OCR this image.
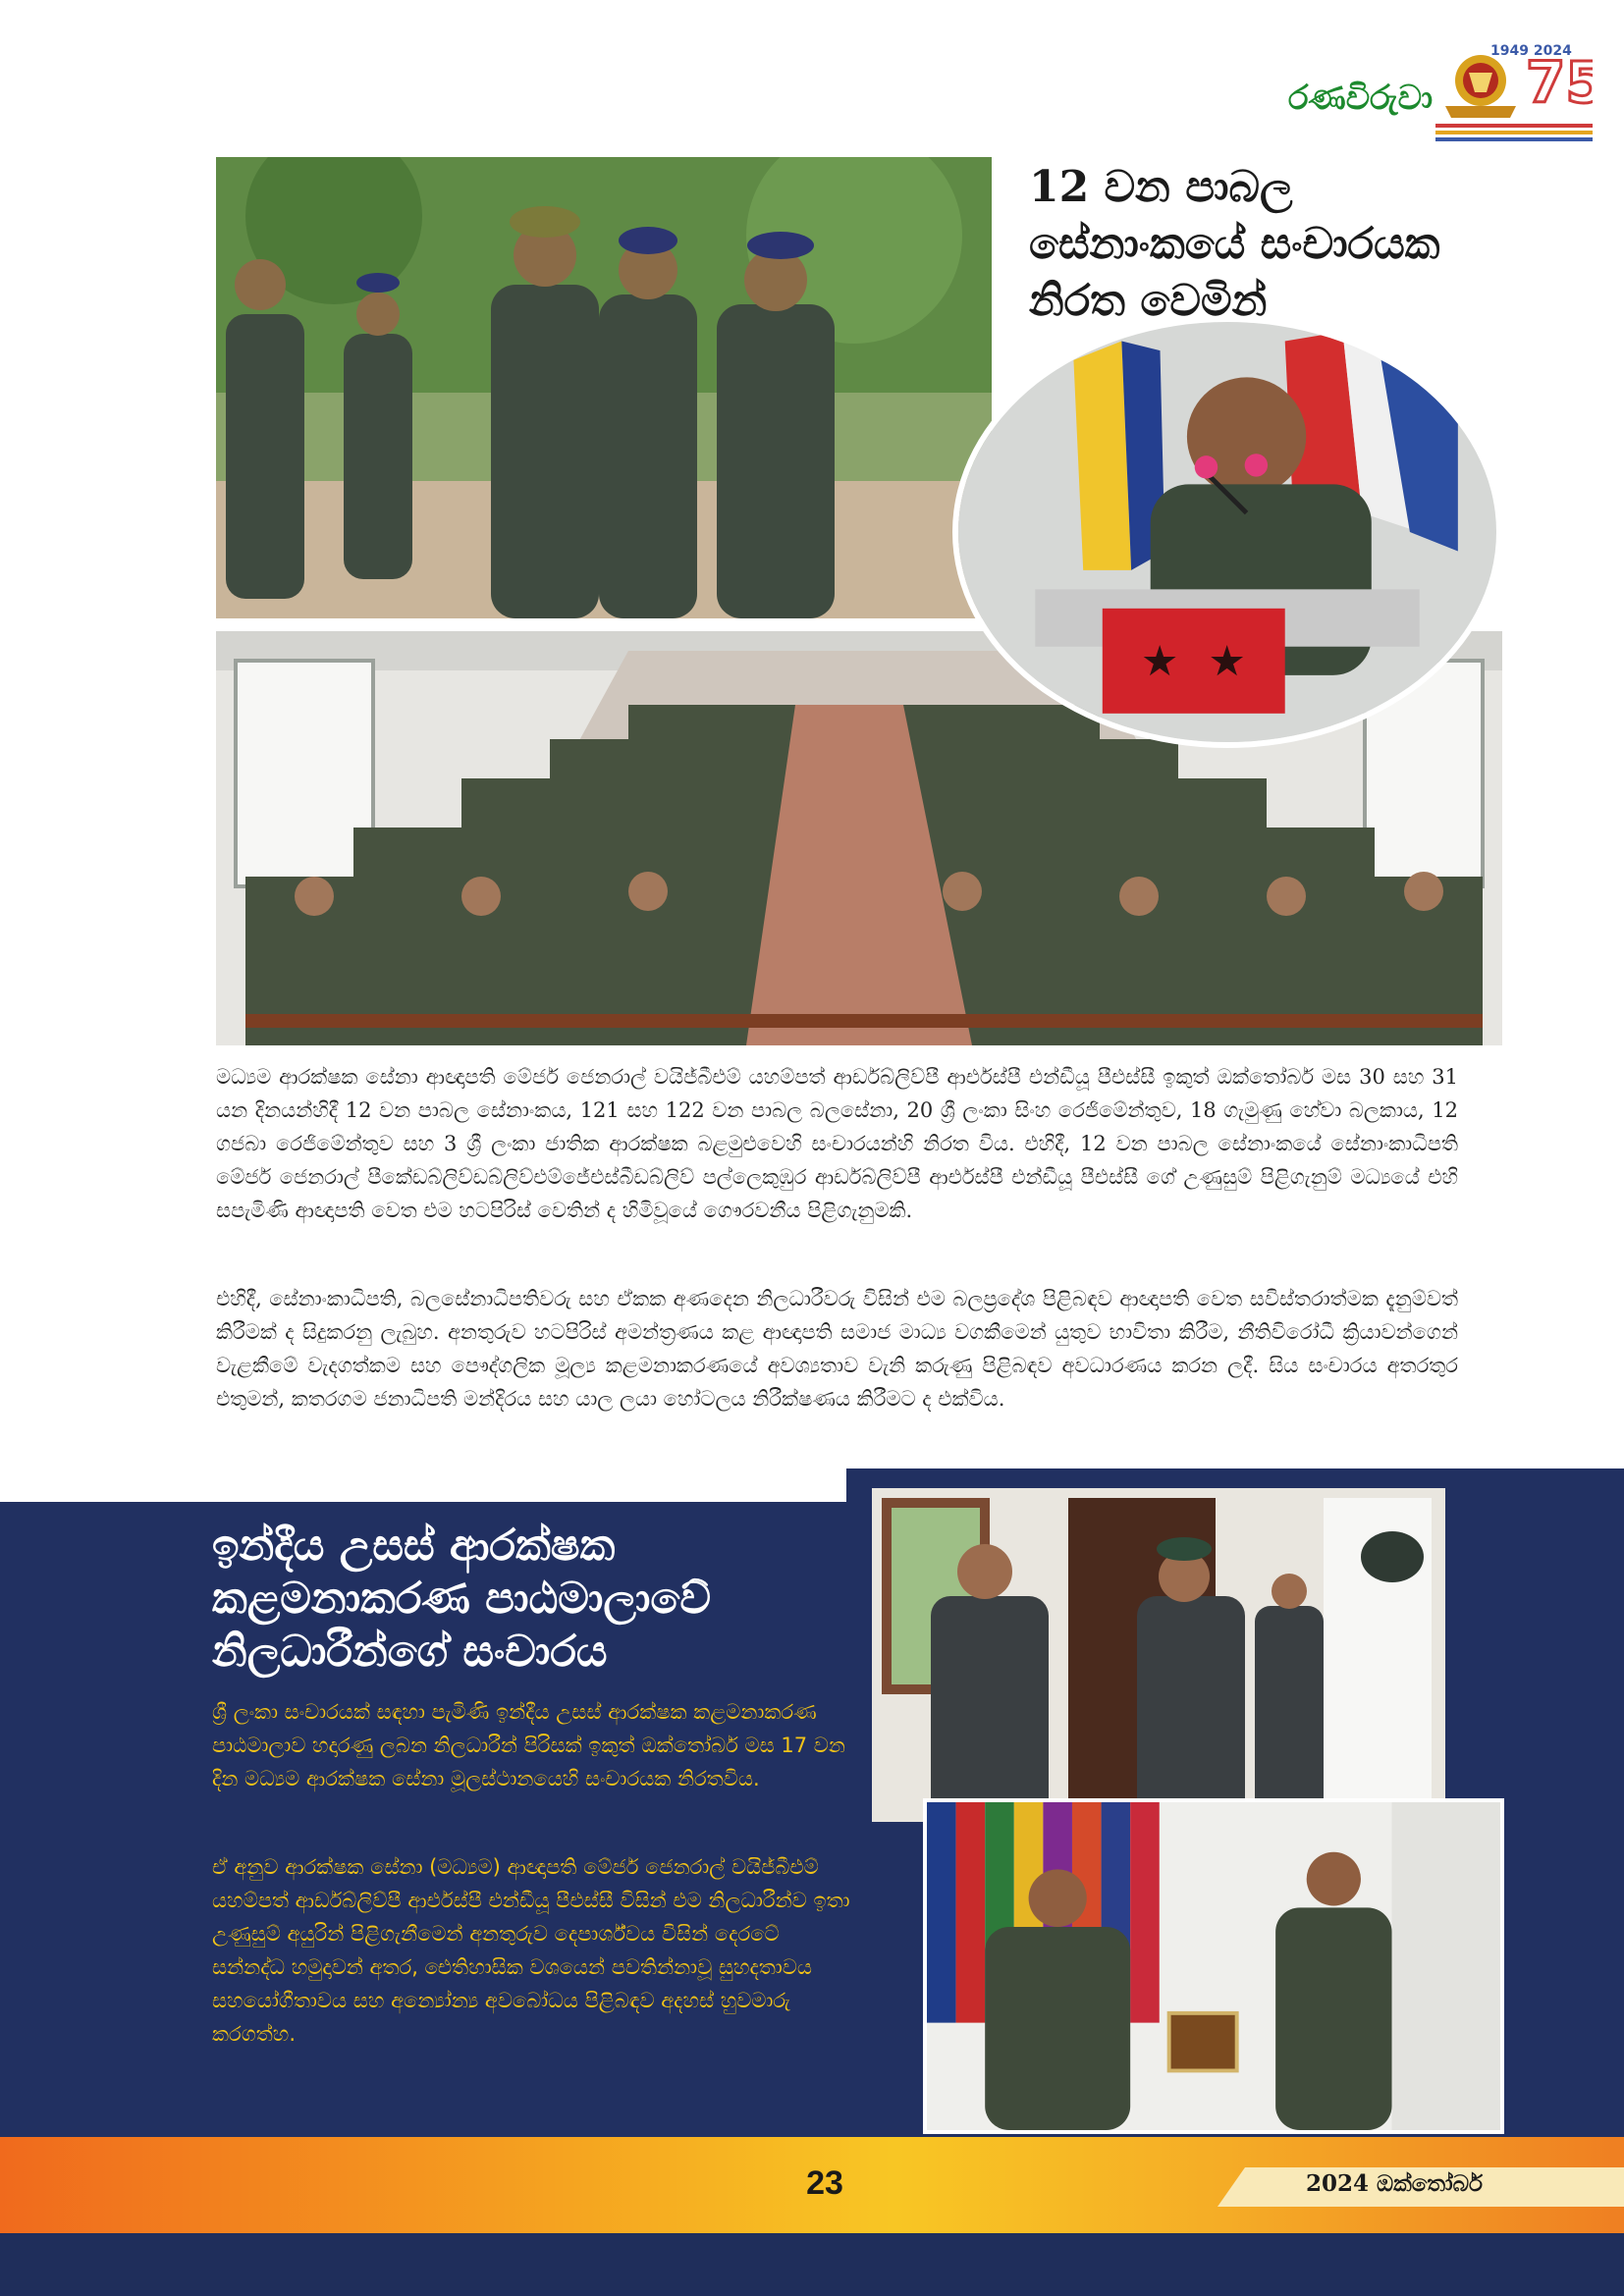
රණවිරුවා 75
1949 2024
12 වන පාබල
සේනාංකයේ සංචාරයක
නිරත වෙමින්
★ ★

මධ්‍යම ආරක්ෂක සේනා ආඥාපති මේජර් ජෙනරාල් වයිජ්බීඑම් යහම්පත් ආර්ඩබ්ලිව්පී ආර්එස්පී එන්ඩීයූ පීඑස්සී ඉකුත් ඔක්තෝබර් මස 30 සහ 31 යන දිනයන්හිදී 12 වන පාබල සේනාංකය, 121 සහ 122 වන පාබල බලසේනා, 20 ශ්‍රී ලංකා සිංහ රෙජිමේන්තුව, 18 ගැමුණු හේවා බලකාය, 12 ගජබා රෙජිමේන්තුව සහ 3 ශ්‍රී ලංකා ජාතික ආරක්ෂක බළමුළුවෙහි සංචාරයන්හි නිරත විය. එහිදී, 12 වන පාබල සේනාංකයේ සේනාංකාධිපති මේජර් ජෙනරාල් පීකේඩබ්ලිව්ඩබ්ලිව්එම්ජේඑස්බීඩබ්ලිව් පල්ලෙකුඹුර ආර්ඩබ්ලිව්පී ආර්එස්පී එන්ඩීයූ පීඑස්සී ගේ උණුසුම් පිළිගැනුම් මධ්‍යයේ එහි සපැමිණි ආඥාපති වෙත එම හටපිරිස් වෙතින් ද හිමිවූයේ ගෞරවනීය පිළිගැනුමකි.

එහිදී, සේනාංකාධිපති, බලසේනාධිපතිවරු සහ ඒකක අණදෙන නිලධාරීවරු විසින් එම බලප්‍රදේශ පිළිබඳව ආඥාපති වෙත සවිස්තරාත්මක දැනුම්වත් කිරීමක් ද සිදුකරනු ලැබුහ. අනතුරුව හටපිරිස් අමන්ත්‍රණය කළ ආඥාපති සමාජ මාධ්‍ය වගකීමෙන් යුතුව භාවිතා කිරීම, නීතිවිරෝධී ක්‍රියාවන්ගෙන් වැළකීමේ වැදගත්කම සහ පෞද්ගලික මූල්‍ය කළමනාකරණයේ අවශ්‍යතාව වැනි කරුණු පිළිබඳව අවධාරණය කරන ලදී. සිය සංචාරය අතරතුර එතුමන්, කතරගම ජනාධිපති මන්දිරය සහ යාල ලයා හෝටලය නිරීක්ෂණය කිරීමට ද එක්විය.

ඉන්දීය උසස් ආරක්ෂක
කළමනාකරණ පාඨමාලාවේ
නිලධාරීන්ගේ සංචාරය

ශ්‍රී ලංකා සංචාරයක් සඳහා පැමිණි ඉන්දීය උසස් ආරක්ෂක කළමනාකරණ පාඨමාලාව හදාරණු ලබන නිලධාරීන් පිරිසක් ඉකුත් ඔක්තෝබර් මස 17 වන දින මධ්‍යම ආරක්ෂක සේනා මූලස්ථානයෙහි සංචාරයක නිරතවිය.

ඒ අනුව ආරක්ෂක සේනා (මධ්‍යම) ආඥාපති මේජර් ජෙනරාල් වයිජ්බීඑම් යහම්පත් ආර්ඩබ්ලිව්පී ආර්එස්පී එන්ඩීයූ පීඑස්සී විසින් එම නිලධාරීන්ව ඉතා උණුසුම් අයුරින් පිළිගැනීමෙන් අනතුරුව දෙපාර්ශ්වය විසින් දෙරටේ සන්නද්ධ හමුදාවන් අතර, ඓතිහාසික වශයෙන් පවතින්නාවූ සුහදතාවය සහයෝගීතාවය සහ අන්‍යෝන්‍ය අවබෝධය පිළිබඳව අදහස් හුවමාරු කරගත්හ.

23	2024 ඔක්තෝබර්
